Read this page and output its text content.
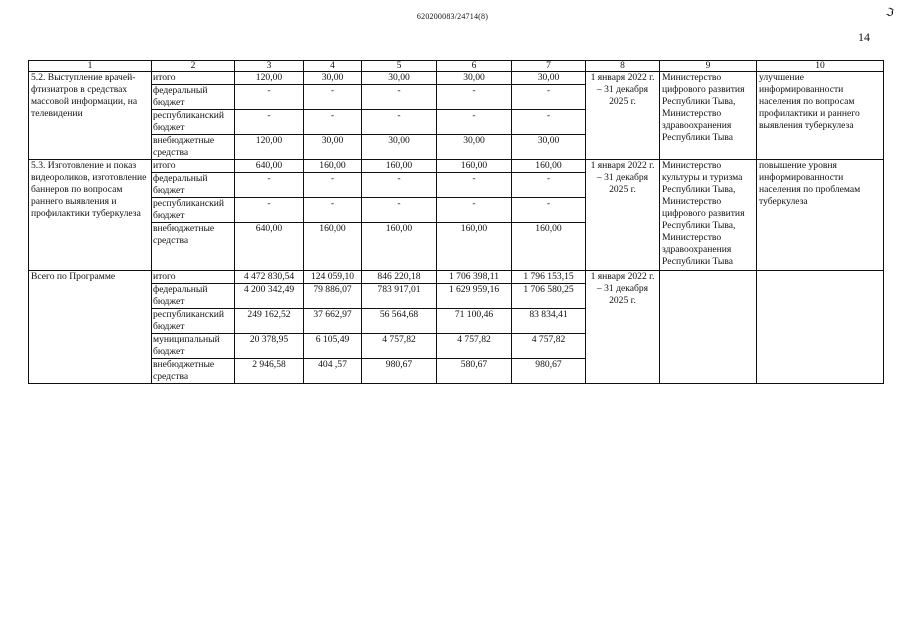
620200083/24714(8)	ℑ
14
1	2	3	4	5	6	7	8	9	10
5.2. Выступление врачей-фтизиатров в средствах массовой информации, на телевидении	итого	120,00	30,00	30,00	30,00	30,00	1 января 2022 г. – 31 декабря 2025 г.	Министерство цифрового развития Республики Тыва, Министерство здравоохранения Республики Тыва	улучшение информированности населения по вопросам профилактики и раннего выявления туберкулеза
	федеральный бюджет	-	-	-	-	-			
	республиканский бюджет	-	-	-	-	-			
	внебюджетные средства	120,00	30,00	30,00	30,00	30,00			
5.3. Изготовление и показ видеороликов, изготовление баннеров по вопросам раннего выявления и профилактики туберкулеза	итого	640,00	160,00	160,00	160,00	160,00	1 января 2022 г. – 31 декабря 2025 г.	Министерство культуры и туризма Республики Тыва, Министерство цифрового развития Республики Тыва, Министерство здравоохранения Республики Тыва	повышение уровня информированности населения по проблемам туберкулеза
	федеральный бюджет	-	-	-	-	-			
	республиканский бюджет	-	-	-	-	-			
	внебюджетные средства	640,00	160,00	160,00	160,00	160,00			
Всего по Программе	итого	4 472 830,54	124 059,10	846 220,18	1 706 398,11	1 796 153,15	1 января 2022 г. – 31 декабря 2025 г.		
	федеральный бюджет	4 200 342,49	79 886,07	783 917,01	1 629 959,16	1 706 580,25			
	республиканский бюджет	249 162,52	37 662,97	56 564,68	71 100,46	83 834,41			
	муниципальный бюджет	20 378,95	6 105,49	4 757,82	4 757,82	4 757,82			
	внебюджетные средства	2 946,58	404 ,57	980,67	580,67	980,67			
